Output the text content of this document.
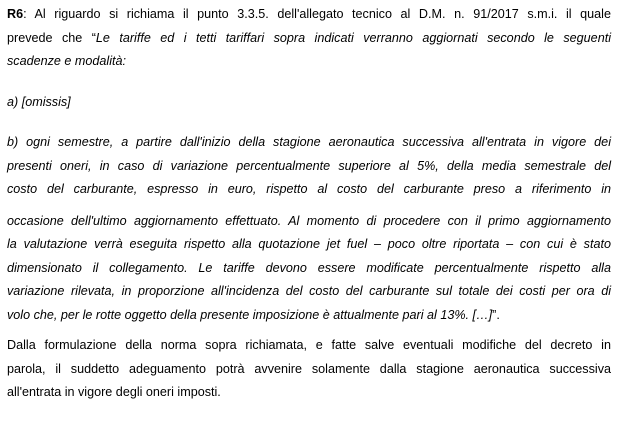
R6: Al riguardo si richiama il punto 3.3.5. dell'allegato tecnico al D.M. n. 91/2017 s.m.i. il quale
prevede che “Le tariffe ed i tetti tariffari sopra indicati verranno aggiornati secondo le seguenti
scadenze e modalità:
a) [omissis]
b) ogni semestre, a partire dall'inizio della stagione aeronautica successiva all'entrata in vigore dei
presenti oneri, in caso di variazione percentualmente superiore al 5%, della media semestrale del
costo del carburante, espresso in euro, rispetto al costo del carburante preso a riferimento in
occasione dell'ultimo aggiornamento effettuato. Al momento di procedere con il primo aggiornamento
la valutazione verrà eseguita rispetto alla quotazione jet fuel – poco oltre riportata – con cui è stato
dimensionato il collegamento. Le tariffe devono essere modificate percentualmente rispetto alla
variazione rilevata, in proporzione all'incidenza del costo del carburante sul totale dei costi per ora di
volo che, per le rotte oggetto della presente imposizione è attualmente pari al 13%. […]”.
Dalla formulazione della norma sopra richiamata, e fatte salve eventuali modifiche del decreto in
parola, il suddetto adeguamento potrà avvenire solamente dalla stagione aeronautica successiva
all'entrata in vigore degli oneri imposti.
